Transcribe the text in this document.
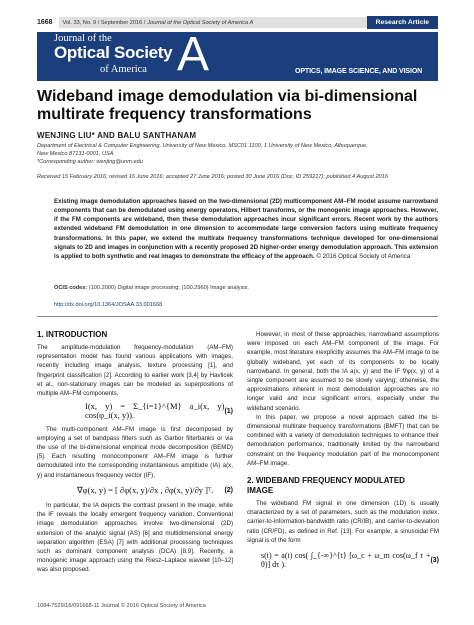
1668 Vol. 33, No. 9 / September 2016 / Journal of the Optical Society of America A	Research Article
Journal of the
Optical Society
of America A	OPTICS, IMAGE SCIENCE, AND VISION
Wideband image demodulation via bi-dimensional
multirate frequency transformations
WENJING LIU* AND BALU SANTHANAM
Department of Electrical & Computer Engineering, University of New Mexico, MSC01 1100, 1 University of New Mexico, Albuquerque,
New Mexico 87131-0001, USA
*Corresponding author: wenjing@unm.edu
Received 15 February 2016; revised 15 June 2016; accepted 27 June 2016; posted 30 June 2016 (Doc. ID 259217); published 4 August 2016
Existing image demodulation approaches based on the two-dimensional (2D) multicomponent AM–FM model assume narrowband components that can be demodulated using energy operators, Hilbert transforms, or the monogenic image approaches. However, if the FM components are wideband, then these demodulation approaches incur significant errors. Recent work by the authors extended wideband FM demodulation in one dimension to accommodate large conversion factors using multirate frequency transformations. In this paper, we extend the multirate frequency transformations technique developed for one-dimensional signals to 2D and images in conjunction with a recently proposed 2D higher-order energy demodulation approach. This extension is applied to both synthetic and real images to demonstrate the efficacy of the approach. © 2016 Optical Society of America
OCIS codes: (100.2000) Digital image processing; (100.2960) Image analysis.
http://dx.doi.org/10.1364/JOSAA.33.001668
1. INTRODUCTION

The amplitude-modulation frequency-modulation (AM–FM) representation model has found various applications with images, recently including image analysis, texture processing [1], and fingerprint classification [2]. According to earlier work [3,4] by Havlicek et al., non-stationary images can be modeled as superpositions of multiple AM–FM components,

I(x, y) = Σ_{i=1}^{M} a_i(x, y) cos(φ_i(x, y)).	(1)

The multi-component AM–FM image is first decomposed by employing a set of bandpass filters such as Garbor filterbanks or via the use of the bi-dimensional empirical mode decomposition (BEMD) [5]. Each resulting monocomponent AM–FM image is further demodulated into the corresponding instantaneous amplitude (IA) a(x, y) and instantaneous frequency vector (IF),

∇φ(x, y) = [ ∂φ(x, y)/∂x , ∂φ(x, y)/∂y ]ᵀ. (2)

In particular, the IA depicts the contrast present in the image, while the IF reveals the locally emergent frequency variation. Conventional image demodulation approaches involve two-dimensional (2D) extension of the analytic signal (AS) [6] and multidimensional energy separation algorithm (ESA) [7] with additional processing techniques such as dominant component analysis (DCA) [8,9]. Recently, a monogenic image approach using the Riesz–Laplace wavelet [10–12] was also proposed.

However, in most of these approaches, narrowband assumptions were imposed on each AM–FM component of the image. For example, most literature inexplicitly assumes the AM–FM image to be globally wideband, yet each of its components to be locally narrowband. In general, both the IA a(x, y) and the IF ∇φ(x, y) of a single component are assumed to be slowly varying; otherwise, the approximations inherent in most demodulation approaches are no longer valid and incur significant errors, especially under the wideband scenario.

In this paper, we propose a novel approach called the bi-dimensional multirate frequency transformations (BMFT) that can be combined with a variety of demodulation techniques to enhance their demodulation performance, traditionally limited by the narrowband constraint on the frequency modulation part of the monocomponent AM–FM image.

2. WIDEBAND FREQUENCY MODULATED
IMAGE

The wideband FM signal in one dimension (1D) is usually characterized by a set of parameters, such as the modulation index, carrier-to-information-bandwidth ratio (CR/IB), and carrier-to-deviation ratio (CR/FD), as defined in Ref. [13]. For example, a sinusoidal FM signal is of the form

s(t) = a(t) cos( ∫_{-∞}^{t} [ω_c + ω_m cos(ω_f τ + θ)] dτ ).
(3)
1084-7529/16/091668-11 Journal © 2016 Optical Society of America
